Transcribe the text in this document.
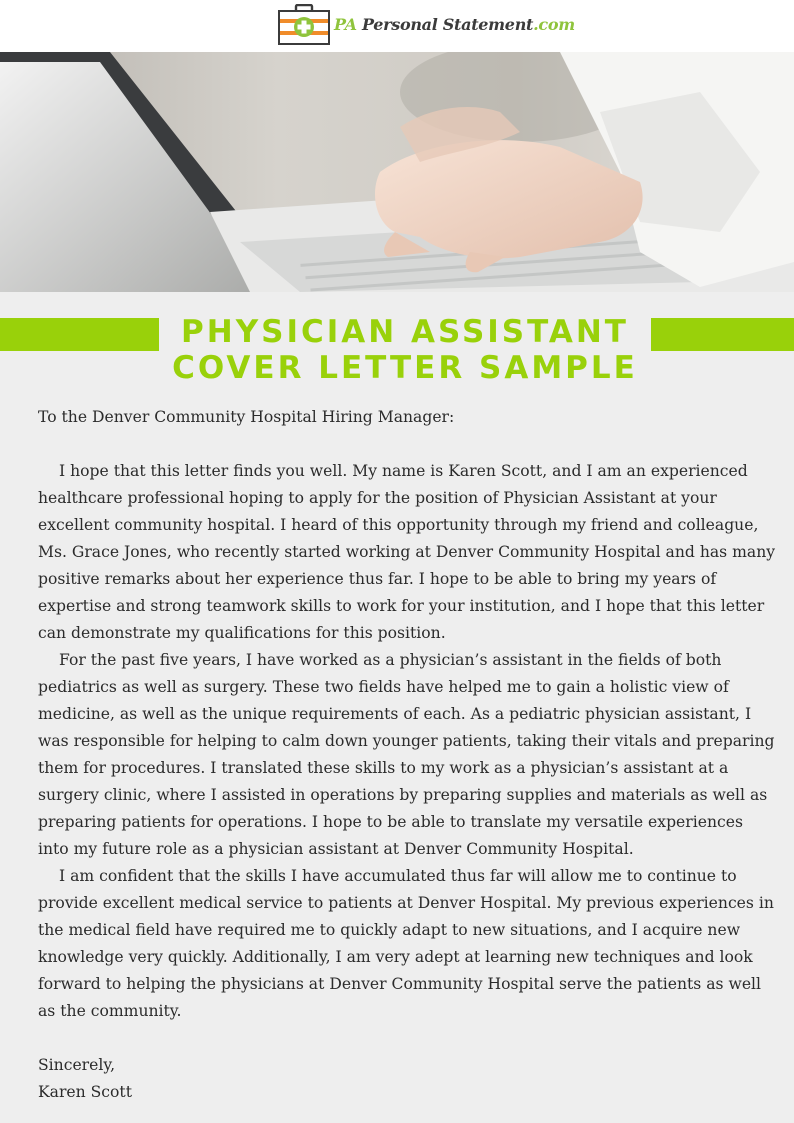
PA Personal Statement.com
PHYSICIAN ASSISTANT
COVER LETTER SAMPLE

To the Denver Community Hospital Hiring Manager:

I hope that this letter finds you well. My name is Karen Scott, and I am an experienced healthcare professional hoping to apply for the position of Physician Assistant at your excellent community hospital. I heard of this opportunity through my friend and colleague, Ms. Grace Jones, who recently started working at Denver Community Hospital and has many positive remarks about her experience thus far. I hope to be able to bring my years of expertise and strong teamwork skills to work for your institution, and I hope that this letter can demonstrate my qualifications for this position.

For the past five years, I have worked as a physician’s assistant in the fields of both pediatrics as well as surgery. These two fields have helped me to gain a holistic view of medicine, as well as the unique requirements of each. As a pediatric physician assistant, I was responsible for helping to calm down younger patients, taking their vitals and preparing them for procedures. I translated these skills to my work as a physician’s assistant at a surgery clinic, where I assisted in operations by preparing supplies and materials as well as preparing patients for operations. I hope to be able to translate my versatile experiences into my future role as a physician assistant at Denver Community Hospital.

I am confident that the skills I have accumulated thus far will allow me to continue to provide excellent medical service to patients at Denver Hospital. My previous experiences in the medical field have required me to quickly adapt to new situations, and I acquire new knowledge very quickly. Additionally, I am very adept at learning new techniques and look forward to helping the physicians at Denver Community Hospital serve the patients as well as the community.

Sincerely,

Karen Scott
